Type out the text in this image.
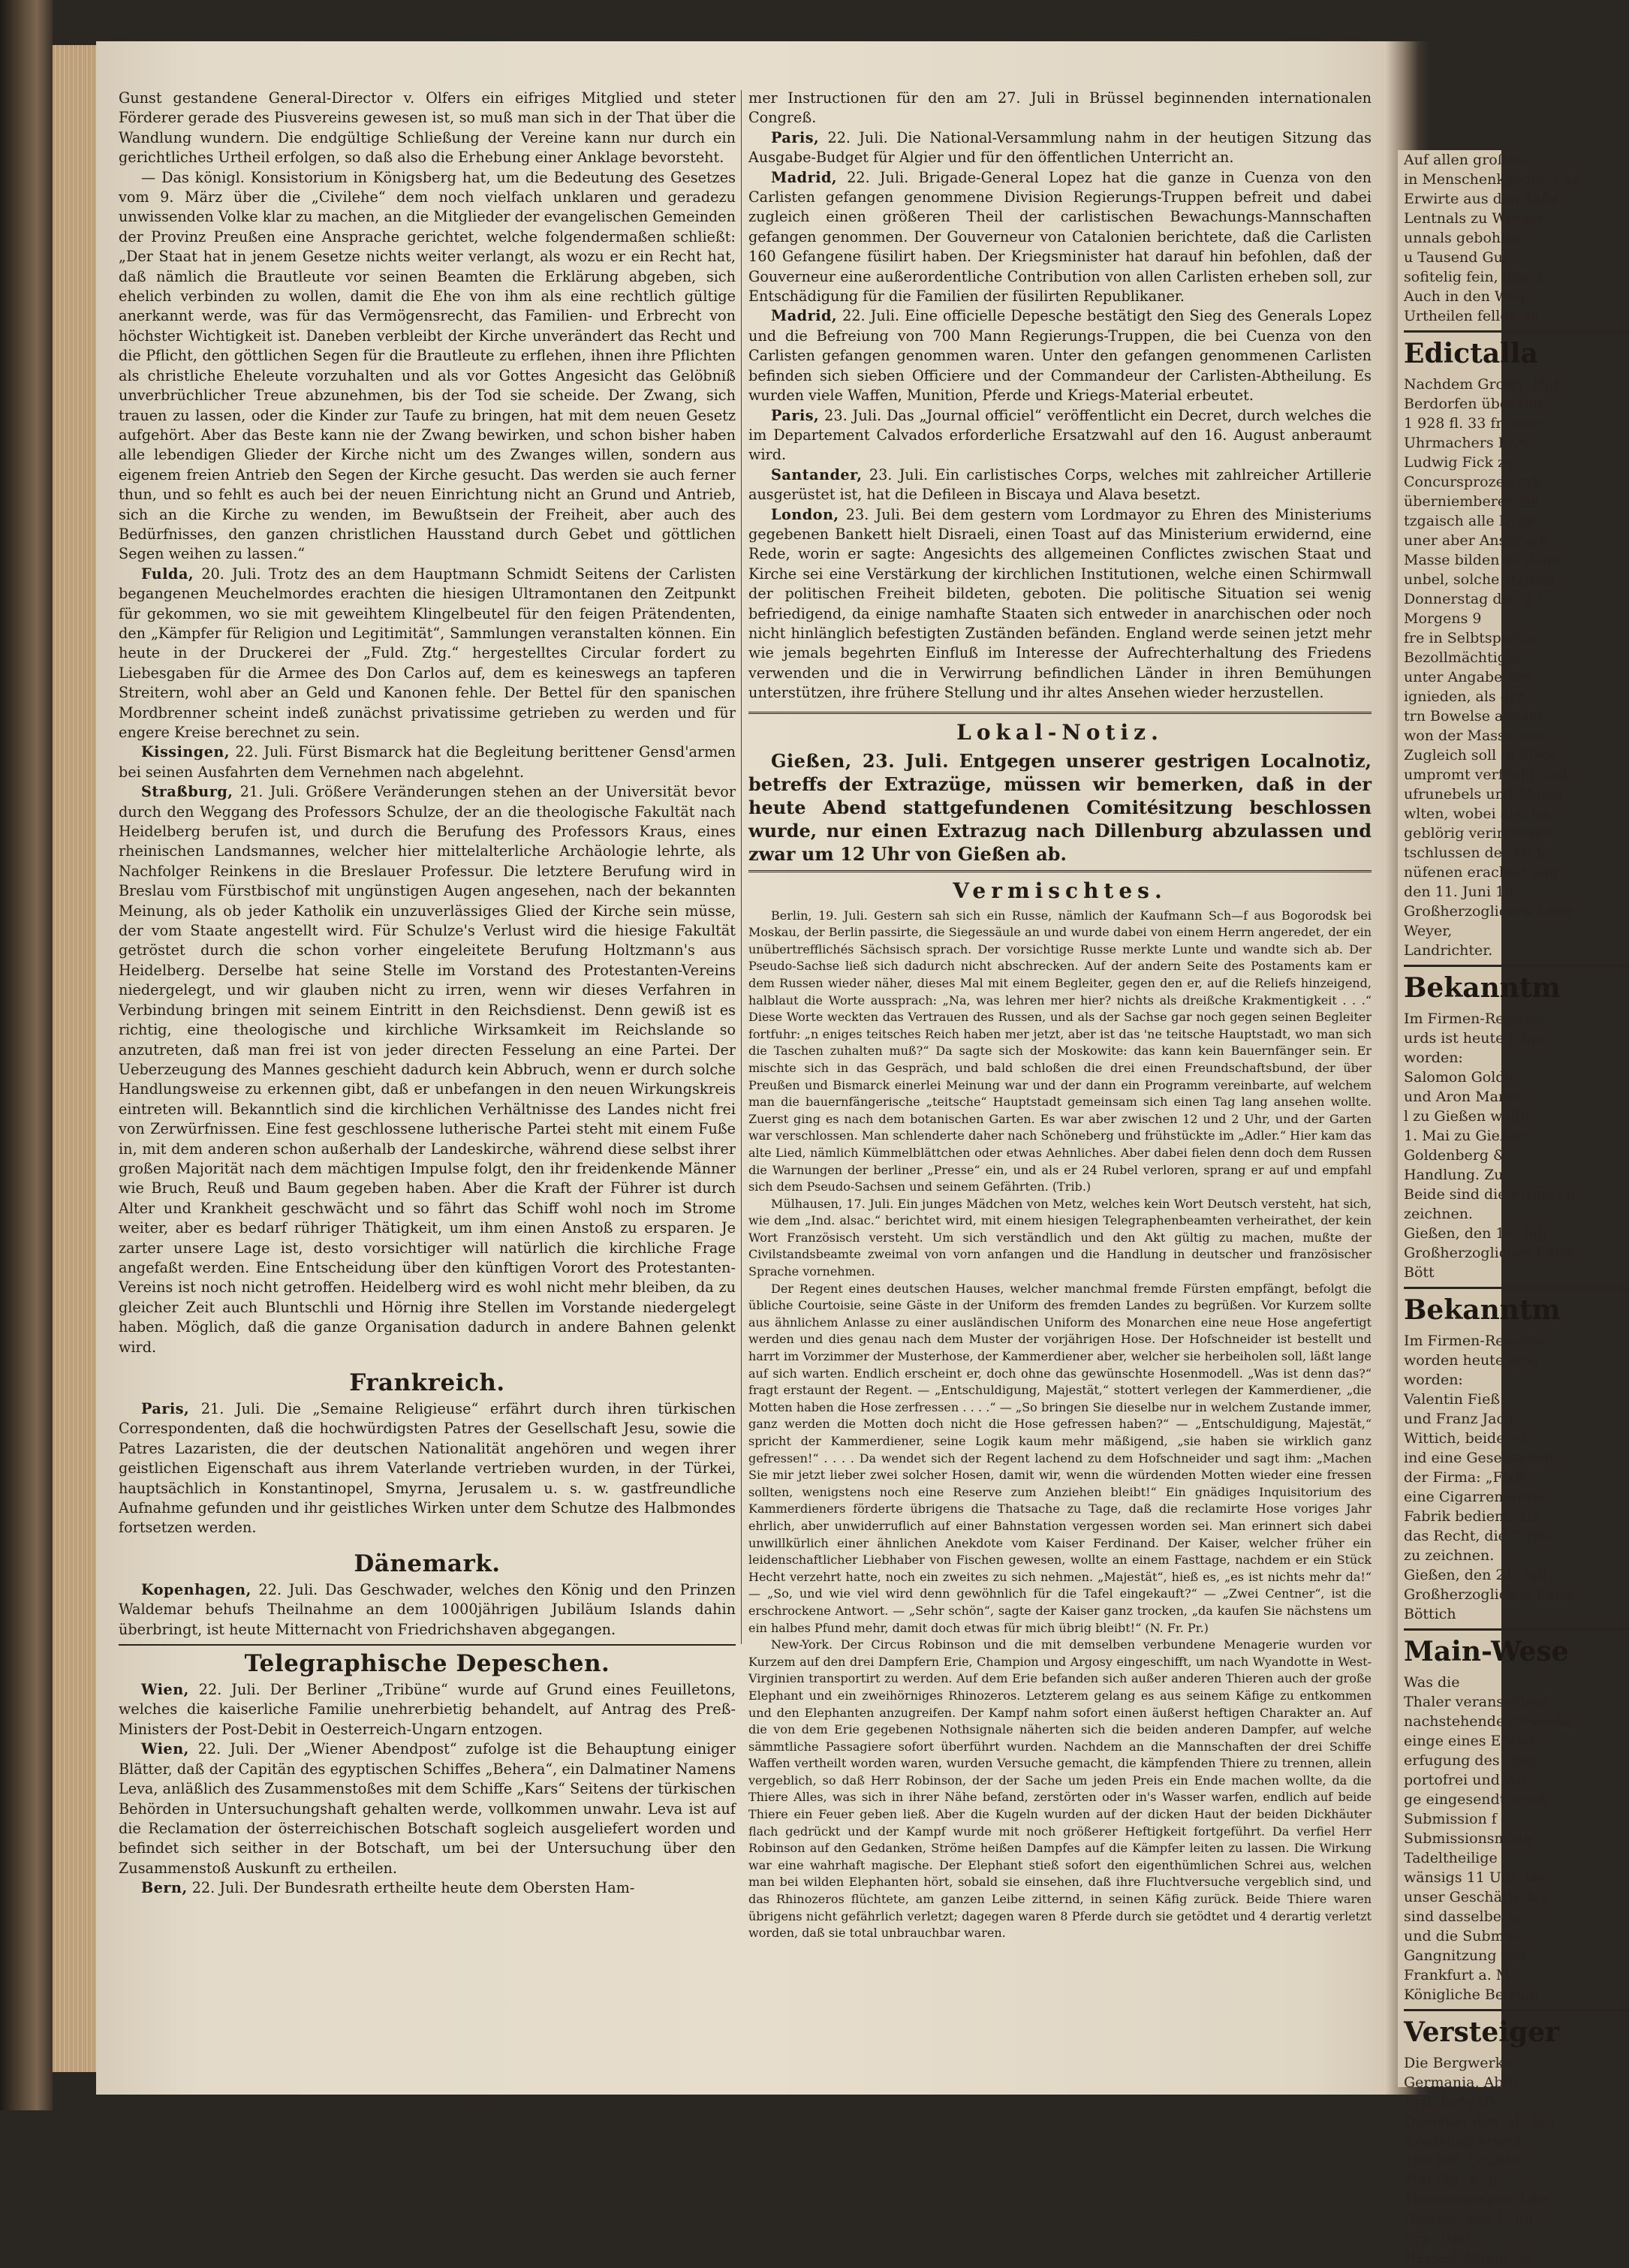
Gunst gestandene General-Director v. Olfers ein eifriges Mitglied und steter Förderer gerade des Piusvereins gewesen ist, so muß man sich in der That über die Wandlung wundern. Die endgültige Schließung der Vereine kann nur durch ein gerichtliches Urtheil erfolgen, so daß also die Erhebung einer Anklage bevorsteht.

— Das königl. Konsistorium in Königsberg hat, um die Bedeutung des Gesetzes vom 9. März über die „Civilehe“ dem noch vielfach unklaren und geradezu unwissenden Volke klar zu machen, an die Mitglieder der evangelischen Gemeinden der Provinz Preußen eine Ansprache gerichtet, welche folgendermaßen schließt: „Der Staat hat in jenem Gesetze nichts weiter verlangt, als wozu er ein Recht hat, daß nämlich die Brautleute vor seinen Beamten die Erklärung abgeben, sich ehelich verbinden zu wollen, damit die Ehe von ihm als eine rechtlich gültige anerkannt werde, was für das Vermögensrecht, das Familien- und Erbrecht von höchster Wichtigkeit ist. Daneben verbleibt der Kirche unverändert das Recht und die Pflicht, den göttlichen Segen für die Brautleute zu erflehen, ihnen ihre Pflichten als christliche Eheleute vorzuhalten und als vor Gottes Angesicht das Gelöbniß unverbrüchlicher Treue abzunehmen, bis der Tod sie scheide. Der Zwang, sich trauen zu lassen, oder die Kinder zur Taufe zu bringen, hat mit dem neuen Gesetz aufgehört. Aber das Beste kann nie der Zwang bewirken, und schon bisher haben alle lebendigen Glieder der Kirche nicht um des Zwanges willen, sondern aus eigenem freien Antrieb den Segen der Kirche gesucht. Das werden sie auch ferner thun, und so fehlt es auch bei der neuen Einrichtung nicht an Grund und Antrieb, sich an die Kirche zu wenden, im Bewußtsein der Freiheit, aber auch des Bedürfnisses, den ganzen christlichen Hausstand durch Gebet und göttlichen Segen weihen zu lassen.“

Fulda, 20. Juli. Trotz des an dem Hauptmann Schmidt Seitens der Carlisten begangenen Meuchelmordes erachten die hiesigen Ultramontanen den Zeitpunkt für gekommen, wo sie mit geweihtem Klingelbeutel für den feigen Prätendenten, den „Kämpfer für Religion und Legitimität“, Sammlungen veranstalten können. Ein heute in der Druckerei der „Fuld. Ztg.“ hergestelltes Circular fordert zu Liebesgaben für die Armee des Don Carlos auf, dem es keineswegs an tapferen Streitern, wohl aber an Geld und Kanonen fehle. Der Bettel für den spanischen Mordbrenner scheint indeß zunächst privatissime getrieben zu werden und für engere Kreise berechnet zu sein.

Kissingen, 22. Juli. Fürst Bismarck hat die Begleitung berittener Gensd'armen bei seinen Ausfahrten dem Vernehmen nach abgelehnt.

Straßburg, 21. Juli. Größere Veränderungen stehen an der Universität bevor durch den Weggang des Professors Schulze, der an die theologische Fakultät nach Heidelberg berufen ist, und durch die Berufung des Professors Kraus, eines rheinischen Landsmannes, welcher hier mittelalterliche Archäologie lehrte, als Nachfolger Reinkens in die Breslauer Professur. Die letztere Berufung wird in Breslau vom Fürstbischof mit ungünstigen Augen angesehen, nach der bekannten Meinung, als ob jeder Katholik ein unzuverlässiges Glied der Kirche sein müsse, der vom Staate angestellt wird. Für Schulze's Verlust wird die hiesige Fakultät getröstet durch die schon vorher eingeleitete Berufung Holtzmann's aus Heidelberg. Derselbe hat seine Stelle im Vorstand des Protestanten-Vereins niedergelegt, und wir glauben nicht zu irren, wenn wir dieses Verfahren in Verbindung bringen mit seinem Eintritt in den Reichsdienst. Denn gewiß ist es richtig, eine theologische und kirchliche Wirksamkeit im Reichslande so anzutreten, daß man frei ist von jeder directen Fesselung an eine Partei. Der Ueberzeugung des Mannes geschieht dadurch kein Abbruch, wenn er durch solche Handlungsweise zu erkennen gibt, daß er unbefangen in den neuen Wirkungskreis eintreten will. Bekanntlich sind die kirchlichen Verhältnisse des Landes nicht frei von Zerwürfnissen. Eine fest geschlossene lutherische Partei steht mit einem Fuße in, mit dem anderen schon außerhalb der Landeskirche, während diese selbst ihrer großen Majorität nach dem mächtigen Impulse folgt, den ihr freidenkende Männer wie Bruch, Reuß und Baum gegeben haben. Aber die Kraft der Führer ist durch Alter und Krankheit geschwächt und so fährt das Schiff wohl noch im Strome weiter, aber es bedarf rühriger Thätigkeit, um ihm einen Anstoß zu ersparen. Je zarter unsere Lage ist, desto vorsichtiger will natürlich die kirchliche Frage angefaßt werden. Eine Entscheidung über den künftigen Vorort des Protestanten-Vereins ist noch nicht getroffen. Heidelberg wird es wohl nicht mehr bleiben, da zu gleicher Zeit auch Bluntschli und Hörnig ihre Stellen im Vorstande niedergelegt haben. Möglich, daß die ganze Organisation dadurch in andere Bahnen gelenkt wird.

Frankreich.

Paris, 21. Juli. Die „Semaine Religieuse“ erfährt durch ihren türkischen Correspondenten, daß die hochwürdigsten Patres der Gesellschaft Jesu, sowie die Patres Lazaristen, die der deutschen Nationalität angehören und wegen ihrer geistlichen Eigenschaft aus ihrem Vaterlande vertrieben wurden, in der Türkei, hauptsächlich in Konstantinopel, Smyrna, Jerusalem u. s. w. gastfreundliche Aufnahme gefunden und ihr geistliches Wirken unter dem Schutze des Halbmondes fortsetzen werden.

Dänemark.

Kopenhagen, 22. Juli. Das Geschwader, welches den König und den Prinzen Waldemar behufs Theilnahme an dem 1000jährigen Jubiläum Islands dahin überbringt, ist heute Mitternacht von Friedrichshaven abgegangen.

Telegraphische Depeschen.

Wien, 22. Juli. Der Berliner „Tribüne“ wurde auf Grund eines Feuilletons, welches die kaiserliche Familie unehrerbietig behandelt, auf Antrag des Preß-Ministers der Post-Debit in Oesterreich-Ungarn entzogen.

Wien, 22. Juli. Der „Wiener Abendpost“ zufolge ist die Behauptung einiger Blätter, daß der Capitän des egyptischen Schiffes „Behera“, ein Dalmatiner Namens Leva, anläßlich des Zusammenstoßes mit dem Schiffe „Kars“ Seitens der türkischen Behörden in Untersuchungshaft gehalten werde, vollkommen unwahr. Leva ist auf die Reclamation der österreichischen Botschaft sogleich ausgeliefert worden und befindet sich seither in der Botschaft, um bei der Untersuchung über den Zusammenstoß Auskunft zu ertheilen.

Bern, 22. Juli. Der Bundesrath ertheilte heute dem Obersten Ham-

mer Instructionen für den am 27. Juli in Brüssel beginnenden internationalen Congreß.

Paris, 22. Juli. Die National-Versammlung nahm in der heutigen Sitzung das Ausgabe-Budget für Algier und für den öffentlichen Unterricht an.

Madrid, 22. Juli. Brigade-General Lopez hat die ganze in Cuenza von den Carlisten gefangen genommene Division Regierungs-Truppen befreit und dabei zugleich einen größeren Theil der carlistischen Bewachungs-Mannschaften gefangen genommen. Der Gouverneur von Catalonien berichtete, daß die Carlisten 160 Gefangene füsilirt haben. Der Kriegsminister hat darauf hin befohlen, daß der Gouverneur eine außerordentliche Contribution von allen Carlisten erheben soll, zur Entschädigung für die Familien der füsilirten Republikaner.

Madrid, 22. Juli. Eine officielle Depesche bestätigt den Sieg des Generals Lopez und die Befreiung von 700 Mann Regierungs-Truppen, die bei Cuenza von den Carlisten gefangen genommen waren. Unter den gefangen genommenen Carlisten befinden sich sieben Officiere und der Commandeur der Carlisten-Abtheilung. Es wurden viele Waffen, Munition, Pferde und Kriegs-Material erbeutet.

Paris, 23. Juli. Das „Journal officiel“ veröffentlicht ein Decret, durch welches die im Departement Calvados erforderliche Ersatzwahl auf den 16. August anberaumt wird.

Santander, 23. Juli. Ein carlistisches Corps, welches mit zahlreicher Artillerie ausgerüstet ist, hat die Defileen in Biscaya und Alava besetzt.

London, 23. Juli. Bei dem gestern vom Lordmayor zu Ehren des Ministeriums gegebenen Bankett hielt Disraeli, einen Toast auf das Ministerium erwidernd, eine Rede, worin er sagte: Angesichts des allgemeinen Conflictes zwischen Staat und Kirche sei eine Verstärkung der kirchlichen Institutionen, welche einen Schirmwall der politischen Freiheit bildeten, geboten. Die politische Situation sei wenig befriedigend, da einige namhafte Staaten sich entweder in anarchischen oder noch nicht hinlänglich befestigten Zuständen befänden. England werde seinen jetzt mehr wie jemals begehrten Einfluß im Interesse der Aufrechterhaltung des Friedens verwenden und die in Verwirrung befindlichen Länder in ihren Bemühungen unterstützen, ihre frühere Stellung und ihr altes Ansehen wieder herzustellen.

Lokal-Notiz.

Gießen, 23. Juli. Entgegen unserer gestrigen Localnotiz, betreffs der Extrazüge, müssen wir bemerken, daß in der heute Abend stattgefundenen Comitésitzung beschlossen wurde, nur einen Extrazug nach Dillenburg abzulassen und zwar um 12 Uhr von Gießen ab.

Vermischtes.

Berlin, 19. Juli. Gestern sah sich ein Russe, nämlich der Kaufmann Sch—f aus Bogorodsk bei Moskau, der Berlin passirte, die Siegessäule an und wurde dabei von einem Herrn angeredet, der ein unübertrefflichés Sächsisch sprach. Der vorsichtige Russe merkte Lunte und wandte sich ab. Der Pseudo-Sachse ließ sich dadurch nicht abschrecken. Auf der andern Seite des Postaments kam er dem Russen wieder näher, dieses Mal mit einem Begleiter, gegen den er, auf die Reliefs hinzeigend, halblaut die Worte aussprach: „Na, was lehren mer hier? nichts als dreißche Krakmentigkeit . . .“ Diese Worte weckten das Vertrauen des Russen, und als der Sachse gar noch gegen seinen Begleiter fortfuhr: „n eniges teitsches Reich haben mer jetzt, aber ist das 'ne teitsche Hauptstadt, wo man sich die Taschen zuhalten muß?“ Da sagte sich der Moskowite: das kann kein Bauernfänger sein. Er mischte sich in das Gespräch, und bald schloßen die drei einen Freundschaftsbund, der über Preußen und Bismarck einerlei Meinung war und der dann ein Programm vereinbarte, auf welchem man die bauernfängerische „teitsche“ Hauptstadt gemeinsam sich einen Tag lang ansehen wollte. Zuerst ging es nach dem botanischen Garten. Es war aber zwischen 12 und 2 Uhr, und der Garten war verschlossen. Man schlenderte daher nach Schöneberg und frühstückte im „Adler.“ Hier kam das alte Lied, nämlich Kümmelblättchen oder etwas Aehnliches. Aber dabei fielen denn doch dem Russen die Warnungen der berliner „Presse“ ein, und als er 24 Rubel verloren, sprang er auf und empfahl sich dem Pseudo-Sachsen und seinem Gefährten. (Trib.)

Mülhausen, 17. Juli. Ein junges Mädchen von Metz, welches kein Wort Deutsch versteht, hat sich, wie dem „Ind. alsac.“ berichtet wird, mit einem hiesigen Telegraphenbeamten verheirathet, der kein Wort Französisch versteht. Um sich verständlich und den Akt gültig zu machen, mußte der Civilstandsbeamte zweimal von vorn anfangen und die Handlung in deutscher und französischer Sprache vornehmen.

Der Regent eines deutschen Hauses, welcher manchmal fremde Fürsten empfängt, befolgt die übliche Courtoisie, seine Gäste in der Uniform des fremden Landes zu begrüßen. Vor Kurzem sollte aus ähnlichem Anlasse zu einer ausländischen Uniform des Monarchen eine neue Hose angefertigt werden und dies genau nach dem Muster der vorjährigen Hose. Der Hofschneider ist bestellt und harrt im Vorzimmer der Musterhose, der Kammerdiener aber, welcher sie herbeiholen soll, läßt lange auf sich warten. Endlich erscheint er, doch ohne das gewünschte Hosenmodell. „Was ist denn das?“ fragt erstaunt der Regent. — „Entschuldigung, Majestät,“ stottert verlegen der Kammerdiener, „die Motten haben die Hose zerfressen . . . .“ — „So bringen Sie dieselbe nur in welchem Zustande immer, ganz werden die Motten doch nicht die Hose gefressen haben?“ — „Entschuldigung, Majestät,“ spricht der Kammerdiener, seine Logik kaum mehr mäßigend, „sie haben sie wirklich ganz gefressen!“ . . . . Da wendet sich der Regent lachend zu dem Hofschneider und sagt ihm: „Machen Sie mir jetzt lieber zwei solcher Hosen, damit wir, wenn die würdenden Motten wieder eine fressen sollten, wenigstens noch eine Reserve zum Anziehen bleibt!“ Ein gnädiges Inquisitorium des Kammerdieners förderte übrigens die Thatsache zu Tage, daß die reclamirte Hose voriges Jahr ehrlich, aber unwiderruflich auf einer Bahnstation vergessen worden sei. Man erinnert sich dabei unwillkürlich einer ähnlichen Anekdote vom Kaiser Ferdinand. Der Kaiser, welcher früher ein leidenschaftlicher Liebhaber von Fischen gewesen, wollte an einem Fasttage, nachdem er ein Stück Hecht verzehrt hatte, noch ein zweites zu sich nehmen. „Majestät“, hieß es, „es ist nichts mehr da!“ — „So, und wie viel wird denn gewöhnlich für die Tafel eingekauft?“ — „Zwei Centner“, ist die erschrockene Antwort. — „Sehr schön“, sagte der Kaiser ganz trocken, „da kaufen Sie nächstens um ein halbes Pfund mehr, damit doch etwas für mich übrig bleibt!“ (N. Fr. Pr.)

New-York. Der Circus Robinson und die mit demselben verbundene Menagerie wurden vor Kurzem auf den drei Dampfern Erie, Champion und Argosy eingeschifft, um nach Wyandotte in West-Virginien transportirt zu werden. Auf dem Erie befanden sich außer anderen Thieren auch der große Elephant und ein zweihörniges Rhinozeros. Letzterem gelang es aus seinem Käfige zu entkommen und den Elephanten anzugreifen. Der Kampf nahm sofort einen äußerst heftigen Charakter an. Auf die von dem Erie gegebenen Nothsignale näherten sich die beiden anderen Dampfer, auf welche sämmtliche Passagiere sofort überführt wurden. Nachdem an die Mannschaften der drei Schiffe Waffen vertheilt worden waren, wurden Versuche gemacht, die kämpfenden Thiere zu trennen, allein vergeblich, so daß Herr Robinson, der der Sache um jeden Preis ein Ende machen wollte, da die Thiere Alles, was sich in ihrer Nähe befand, zerstörten oder in's Wasser warfen, endlich auf beide Thiere ein Feuer geben ließ. Aber die Kugeln wurden auf der dicken Haut der beiden Dickhäuter flach gedrückt und der Kampf wurde mit noch größerer Heftigkeit fortgeführt. Da verfiel Herr Robinson auf den Gedanken, Ströme heißen Dampfes auf die Kämpfer leiten zu lassen. Die Wirkung war eine wahrhaft magische. Der Elephant stieß sofort den eigenthümlichen Schrei aus, welchen man bei wilden Elephanten hört, sobald sie einsehen, daß ihre Fluchtversuche vergeblich sind, und das Rhinozeros flüchtete, am ganzen Leibe zitternd, in seinen Käfig zurück. Beide Thiere waren übrigens nicht gefährlich verletzt; dagegen waren 8 Pferde durch sie getödtet und 4 derartig verletzt worden, daß sie total unbrauchbar waren.

Auf allen großen
in Menschenknechtel ge
Erwirte aus den Tafel
Lentnals zu Worms
unnals gebohlen
u Tausend Guld
sofitelig fein, damit
Auch in den Weg
Urtheilen fellen an
Edictalla
Nachdem Großh. Hof
Berdorfen über das
1 928 fl. 33 fr. über
Uhrmachers Karl
Ludwig Fick zu
Concursprozeß erk
überniemberer ein
tzgaisch alle Dieje
uner aber Ansprüch
Masse bilden zu könn
unbel, solche sogend
Donnerstag den 27.
Morgens 9
fre in Selbtspertio
Bezollmächtigte
unter Angabe der
ignieden, als der
trn Bowelse anzum
won der Masse aus
Zugleich soll in diese
umpromt verfucht und
ufrunebels und Masse
wlten, wobei alle nic
geblörig verirelenen
tschlussen der Mehr
nüfenen erachtet wer
den 11. Juni 187
Großherzogliches Land
Weyer,
Landrichter.
Bekanntm
Im Firmen-Register
urds ist heute folge
worden:
Salomon Golde
und Aron Marke
l zu Gießen wohn
1. Mai zu Gießen
Goldenberg &
Handlung. Zur
Beide sind die Firma zu
zeichnen.
Gießen, den 18. Juli
Großherzogliches Land
Bött
Bekanntm
Im Firmen-Register
worden heute eing
worden:
Valentin Fieß
und Franz Jaco
Wittich, beide zu
ind eine Gesellschaft
der Firma: „Fieß
eine Cigarrenfabrik
Fabrik bedient, als
das Recht, die Firma
zu zeichnen.
Gießen, den 21. Juli
Großherzogliches Land
Böttich
Main-Wese
Was die
Thaler veranschlagt
nachstehende Gewerbe
einge eines Entwä
erfugung des Ober
portofrei und ver
ge eingesendt werd
Submission f
Submissionsmitta
Tadeltheilige
wänsigs 11 Uhr, bei
unser Geschäftsstell
sind dasselbe zu
und die Submiss
Gangnitzung wei
Frankfurt a. M
Königliche Betrieb
Versteiger
Die Bergwerks
Germania, Abth
Grünberg (D
Dienstag den 31. Juli
Kreuzung ersetz
185 Pfd. Grünbe
190 Pfd. Koh
Thommaseimer Gbe
Gießen, den 1. Jul
Gra. Holl
Hessen Aktien-Ge
